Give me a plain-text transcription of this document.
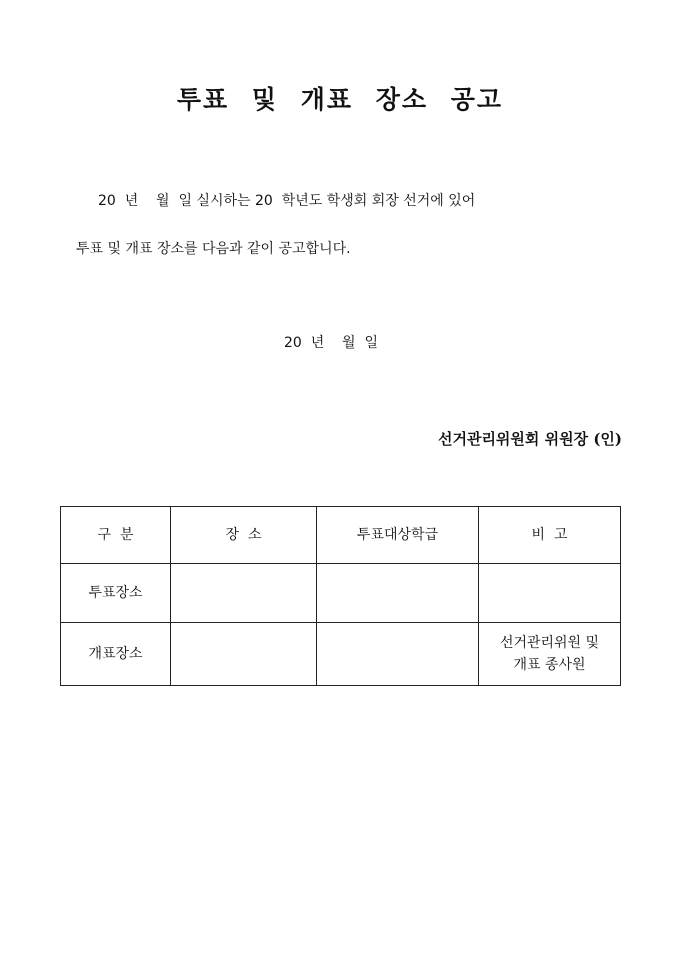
투표 및 개표 장소 공고
20  년    월  일 실시하는 20  학년도 학생회 회장 선거에 있어
투표 및 개표 장소를 다음과 같이 공고합니다.
20  년    월  일
선거관리위원회 위원장 (인)
구  분	장  소	투표대상학급	비  고
투표장소			
개표장소			선거관리위원 및
개표 종사원
